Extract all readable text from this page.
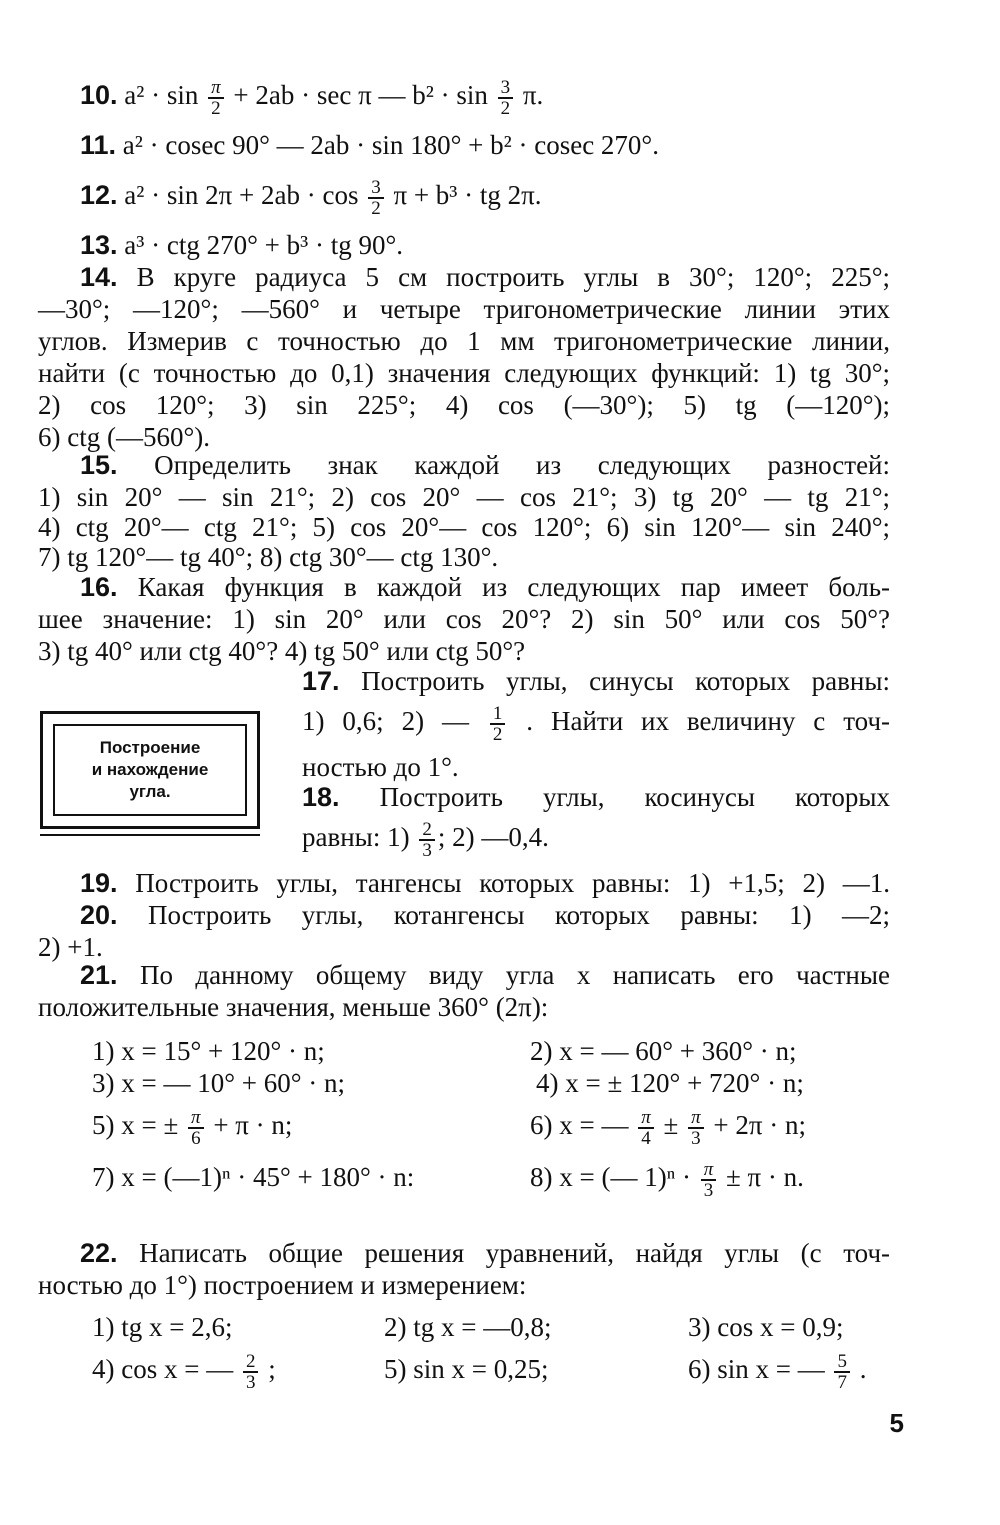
10. $a^2 \cdot \sin \frac{\pi}{2} + 2ab \cdot \sec \pi$ — $b^2 \cdot \sin \frac{3}{2} \pi$.
11. a² · cosec 90° — 2ab · sin 180° + b² · cosec 270°.
12. $a^2 \cdot \sin 2\pi + 2ab \cdot \cos \frac{3}{2}$ π + b³ · tg 2π.
13. a³ · ctg 270° + b³ · tg 90°.
14. В круге радиуса 5 см построить углы в 30°; 120°; 225°;
—30°; —120°; —560° и четыре тригонометрические линии этих
углов. Измерив с точностью до 1 мм тригонометрические линии,
найти (с точностью до 0,1) значения следующих функций: 1) tg 30°;
2) cos 120°; 3) sin 225°; 4) cos (—30°); 5) tg (—120°);
6) ctg (—560°).
15. Определить знак каждой из следующих разностей:
1) sin 20° — sin 21°; 2) cos 20° — cos 21°; 3) tg 20° — tg 21°;
4) ctg 20°— ctg 21°; 5) cos 20°— cos 120°; 6) sin 120°— sin 240°;
7) tg 120°— tg 40°; 8) ctg 30°— ctg 130°.
16. Какая функция в каждой из следующих пар имеет боль-
шее значение: 1) sin 20° или cos 20°? 2) sin 50° или cos 50°?
3) tg 40° или ctg 40°? 4) tg 50° или ctg 50°?
Построение
и нахождение
угла.
17. Построить углы, синусы которых равны:
1) 0,6; 2) — $\frac{1}{2}$ . Найти их величину с точ-
ностью до 1°.
18. Построить углы, косинусы которых
равны: $1) \frac{2}{3}$ ; 2) —0,4.
19. Построить углы, тангенсы которых равны: 1) +1,5; 2) —1.
20. Построить углы, котангенсы которых равны: 1) —2;
2) +1.
21. По данному общему виду угла x написать его частные
положительные значения, меньше 360° (2π):
1) x = 15° + 120° · n;	2) x = — 60° + 360° · n;
3) x = — 10° + 60° · n;	4) x = ± 120° + 720° · n;
5) x = ± $\frac{\pi}{6} + \pi \cdot n$;	6) x = — $\frac{\pi}{4} \pm \frac{\pi}{3} + 2\pi \cdot n$;
7) x = (—1)ⁿ · 45° + 180° · n:	8) x = (— $1)^n \cdot \frac{\pi}{3} \pm \pi \cdot n$.
22. Написать общие решения уравнений, найдя углы (с точ-
ностью до 1°) построением и измерением:
1) tg x = 2,6;	2) tg x = —0,8;	3) cos x = 0,9;
4) cos x = — $\frac{2}{3}$ ;	5) sin x = 0,25;	6) sin x = — $\frac{5}{7}$ .
5
